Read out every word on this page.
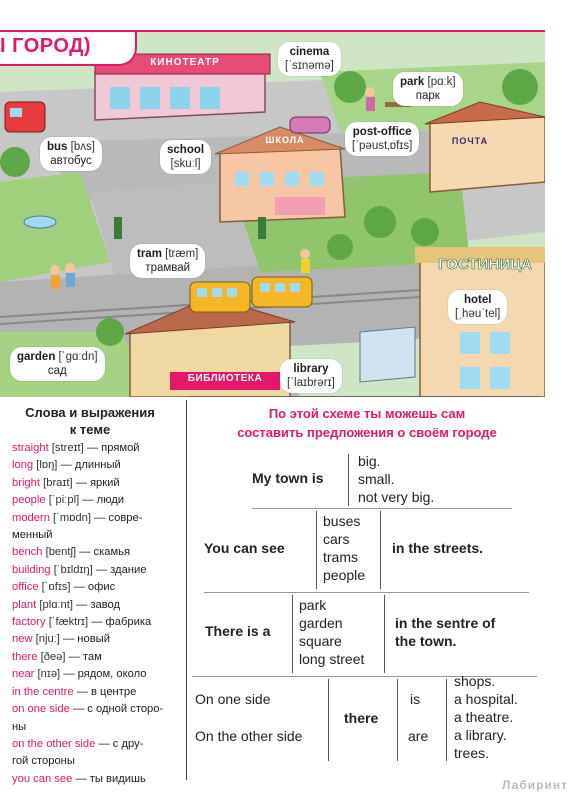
I ГОРОД)
КИНОТЕАТР
ШКОЛА	ПОЧТА
ГОСТИНИЦА
БИБЛИОТЕКА
cinema
[ˈsɪnəmə]
park [pɑːk]
парк
bus [bʌs]
автобус
school
[skuːl]
post-office
[ˈpəust‚ɒfɪs]
tram [træm]
трамвай
hotel
[ˌhəuˈtel]
garden [ˈgɑːdn]
сад	library
[ˈlaɪbrərɪ]
Слова и выражения
к теме
straight [streɪt] — прямой
long [lɒŋ] — длинный
bright [braɪt] — яркий
people [ˈpiːpl] — люди
modern [ˈmɒdn] — совре-
менный
bench [bentʃ] — скамья
building [ˈbɪldɪŋ] — здание
office [ˈɒfɪs] — офис
plant [plɑːnt] — завод
factory [ˈfæktrɪ] — фабрика
new [njuː] — новый
there [ðeə] — там
near [nɪə] — рядом, около
in the centre — в центре
on one side — с одной сторо-
ны
on the other side — с дру-
гой стороны
you can see — ты видишь
По этой схеме ты можешь сам
составить предложения о своём городе
My town is
big.
small.
not very big.
You can see
buses
cars
trams
people
in the streets.
There is a
park
garden
square
long street
in the sentre of
the town.
On one side
On the other side
there
is
are
shops.
a hospital.
a theatre.
a library.
trees.
Лабиринт
